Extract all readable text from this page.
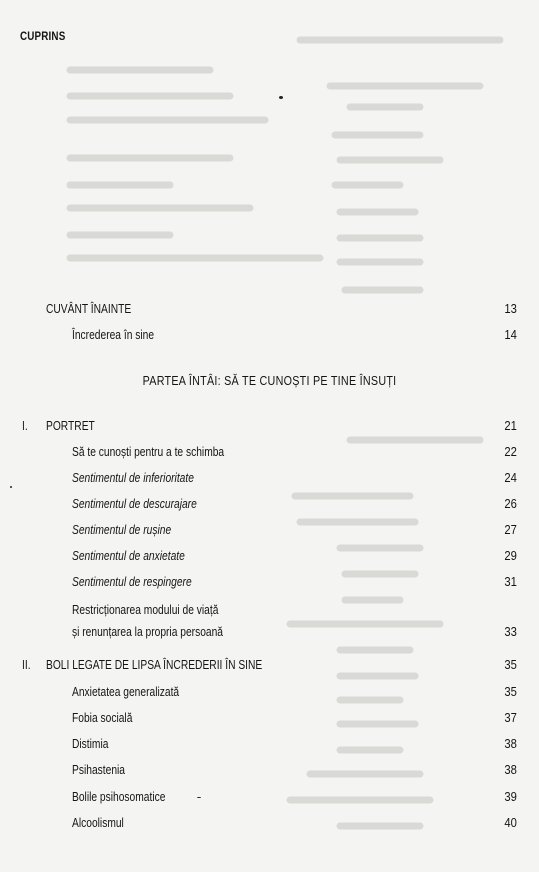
CUPRINS
CUVÂNT ÎNAINTE	13
Încrederea în sine	14
PARTEA ÎNTÂI: SĂ TE CUNOȘTI PE TINE ÎNSUȚI
I. PORTRET	21
Să te cunoști pentru a te schimba	22
Sentimentul de inferioritate	24
Sentimentul de descurajare	26
Sentimentul de rușine	27
Sentimentul de anxietate	29
Sentimentul de respingere	31
Restricționarea modului de viață
și renunțarea la propria persoană	33
II. BOLI LEGATE DE LIPSA ÎNCREDERII ÎN SINE	35
Anxietatea generalizată	35
Fobia socială	37
Distimia	38
Psihastenia	38
Bolile psihosomatice	39
Alcoolismul	40
